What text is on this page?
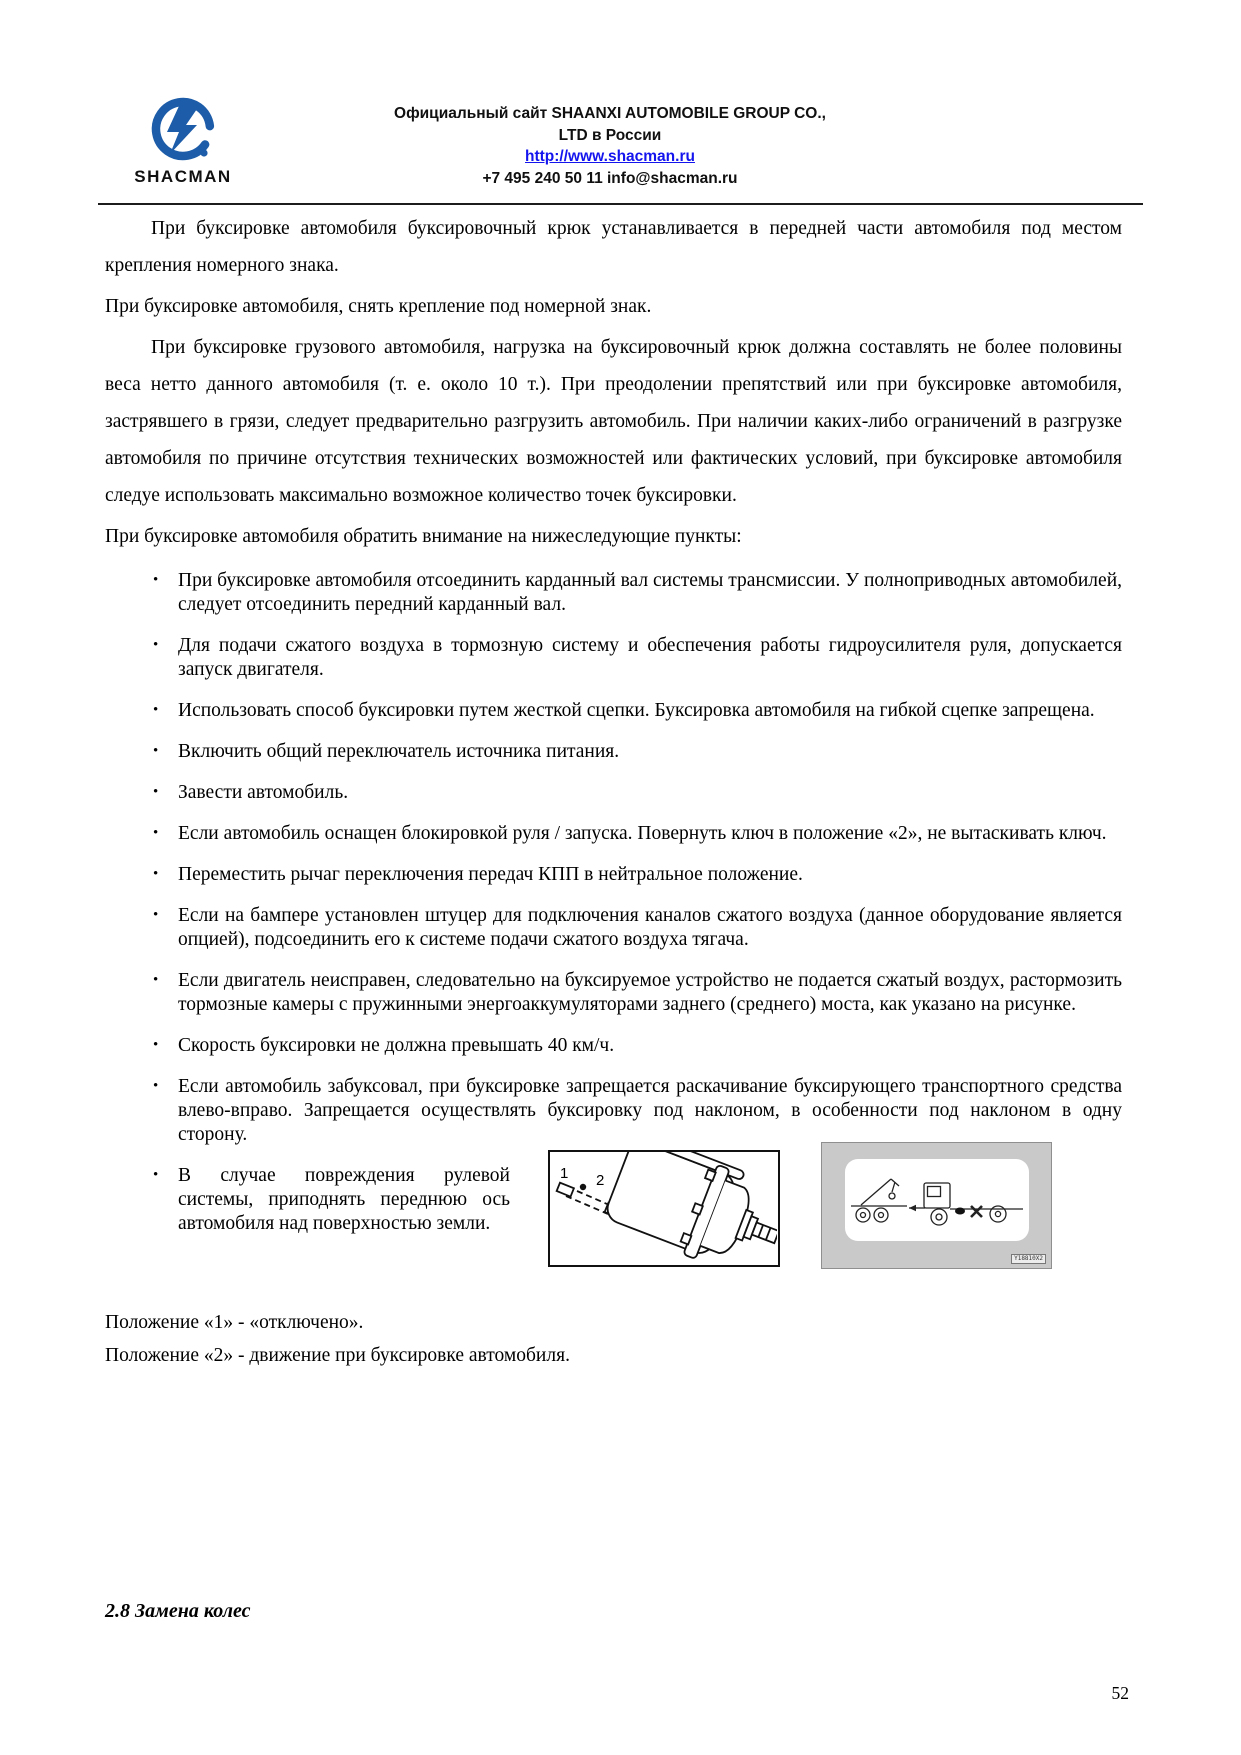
SHACMAN
Официальный сайт SHAANXI AUTOMOBILE GROUP CO.,
LTD в России
http://www.shacman.ru
+7 495 240 50 11 info@shacman.ru

При буксировке автомобиля буксировочный крюк устанавливается в передней части автомобиля под местом крепления номерного знака.

При буксировке автомобиля, снять крепление под номерной знак.

При буксировке грузового автомобиля, нагрузка на буксировочный крюк должна составлять не более половины веса нетто данного автомобиля (т. е. около 10 т.). При преодолении препятствий или при буксировке автомобиля, застрявшего в грязи, следует предварительно разгрузить автомобиль. При наличии каких-либо ограничений в разгрузке автомобиля по причине отсутствия технических возможностей или фактических условий, при буксировке автомобиля следуе использовать максимально возможное количество точек буксировки.

При буксировке автомобиля обратить внимание на нижеследующие пункты:

• При буксировке автомобиля отсоединить карданный вал системы трансмиссии. У полноприводных автомобилей, следует отсоединить передний карданный вал.
• Для подачи сжатого воздуха в тормозную систему и обеспечения работы гидроусилителя руля, допускается запуск двигателя.
• Использовать способ буксировки путем жесткой сцепки. Буксировка автомобиля на гибкой сцепке запрещена.
• Включить общий переключатель источника питания.
• Завести автомобиль.
• Если автомобиль оснащен блокировкой руля / запуска. Повернуть ключ в положение «2», не вытаскивать ключ.
• Переместить рычаг переключения передач КПП в нейтральное положение.
• Если на бампере установлен штуцер для подключения каналов сжатого воздуха (данное оборудование является опцией), подсоединить его к системе подачи сжатого воздуха тягача.
• Если двигатель неисправен, следовательно на буксируемое устройство не подается сжатый воздух, растормозить тормозные камеры с пружинными энергоаккумуляторами заднего (среднего) моста, как указано на рисунке.
• Скорость буксировки не должна превышать 40 км/ч.
• Если автомобиль забуксовал, при буксировке запрещается раскачивание буксирующего транспортного средства влево-вправо. Запрещается осуществлять буксировку под наклоном, в особенности под наклоном в одну сторону.
• В случае повреждения рулевой системы, приподнять переднюю ось автомобиля над поверхностью земли.
1 2
Y18810X2

Положение «1» - «отключено».

Положение «2» - движение при буксировке автомобиля.

2.8 Замена колес
52
